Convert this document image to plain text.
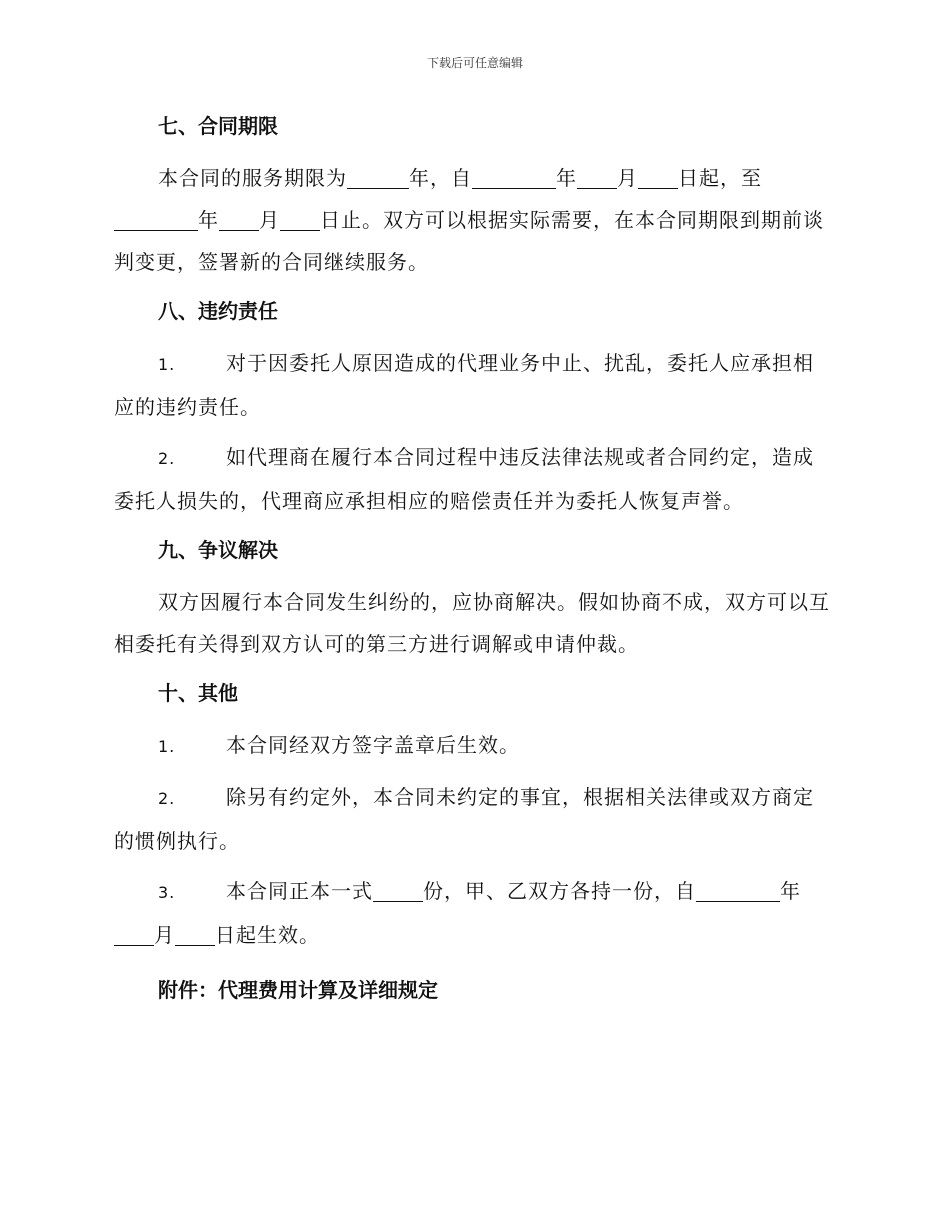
下载后可任意编辑
七、合同期限

本合同的服务期限为	年，自	年 月 日起，至年 月 日止。双方可以根据实际需要，在本合同期限到期前谈判变更，签署新的合同继续服务。

八、违约责任

1.	对于因委托人原因造成的代理业务中止、扰乱，委托人应承担相应的违约责任。

2.	如代理商在履行本合同过程中违反法律法规或者合同约定，造成委托人损失的，代理商应承担相应的赔偿责任并为委托人恢复声誉。

九、争议解决

双方因履行本合同发生纠纷的，应协商解决。假如协商不成，双方可以互相委托有关得到双方认可的第三方进行调解或申请仲裁。

十、其他

1.	本合同经双方签字盖章后生效。

2.	除另有约定外，本合同未约定的事宜，根据相关法律或双方商定的惯例执行。

3.	本合同正本一式	份，甲、乙双方各持一份，自	年月 日起生效。

附件：代理费用计算及详细规定
